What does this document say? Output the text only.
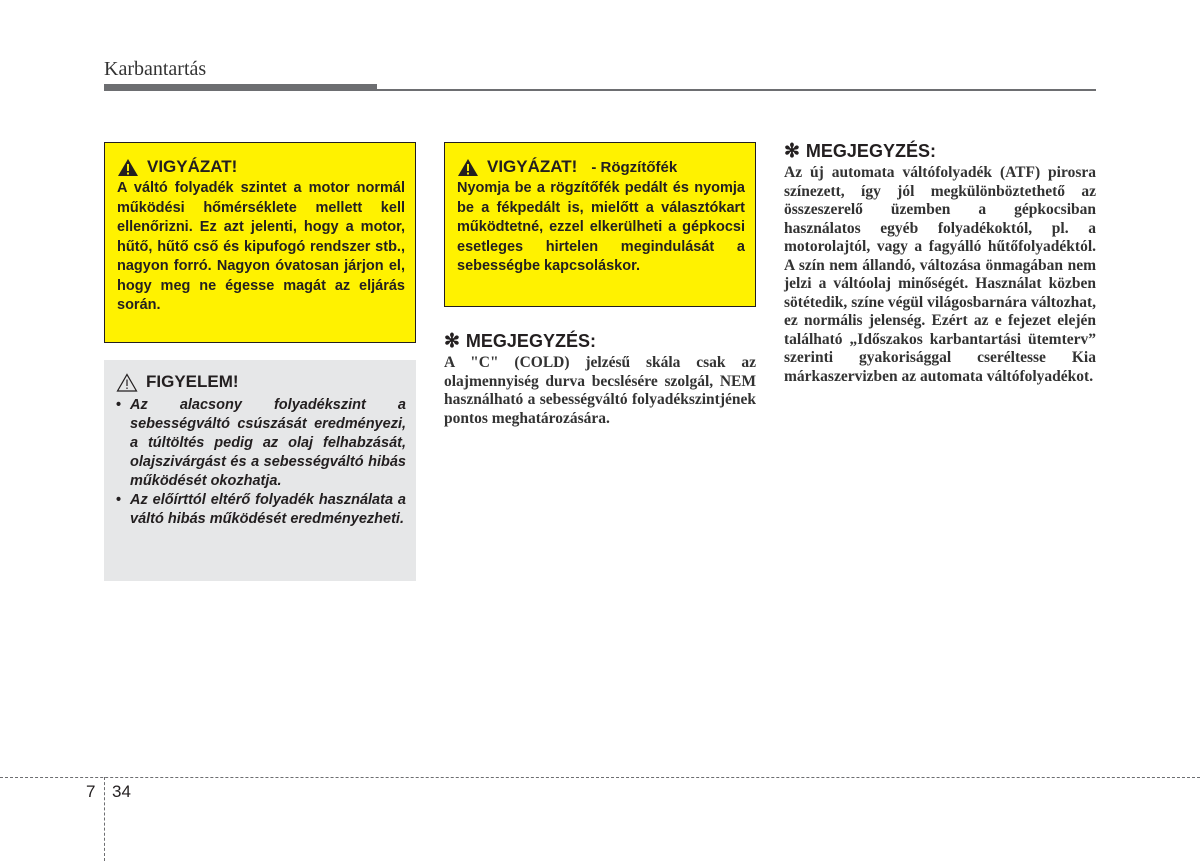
Karbantartás
VIGYÁZAT!
A váltó folyadék szintet a motor normál működési hőmérséklete mellett kell ellenőrizni. Ez azt jelenti, hogy a motor, hűtő, hűtő cső és kipufogó rendszer stb., nagyon forró. Nagyon óvatosan járjon el, hogy meg ne égesse magát az eljárás során.
FIGYELEM!
• Az alacsony folyadékszint a sebességváltó csúszását eredményezi, a túltöltés pedig az olaj felhabzását, olajszivárgást és a sebességváltó hibás működését okozhatja.
• Az előírttól eltérő folyadék használata a váltó hibás működését eredményezheti.
VIGYÁZAT! - Rögzítőfék
Nyomja be a rögzítőfék pedált és nyomja be a fékpedált is, mielőtt a választókart működtetné, ezzel elkerülheti a gépkocsi esetleges hirtelen megindulását a sebességbe kapcsoláskor.
✻ MEGJEGYZÉS:
A "C" (COLD) jelzésű skála csak az olajmennyiség durva becslésére szolgál, NEM használható a sebességváltó folyadékszintjének pontos meghatározására.
✻ MEGJEGYZÉS:
Az új automata váltófolyadék (ATF) pirosra színezett, így jól megkülönböztethető az összeszerelő üzemben a gépkocsiban használatos egyéb folyadékoktól, pl. a motorolajtól, vagy a fagyálló hűtőfolyadéktól. A szín nem állandó, változása önmagában nem jelzi a váltóolaj minőségét. Használat közben sötétedik, színe végül világosbarnára változhat, ez normális jelenség. Ezért az e fejezet elején található „Időszakos karbantartási ütemterv” szerinti gyakorisággal cseréltesse Kia márkaszervizben az automata váltófolyadékot.
7 34
